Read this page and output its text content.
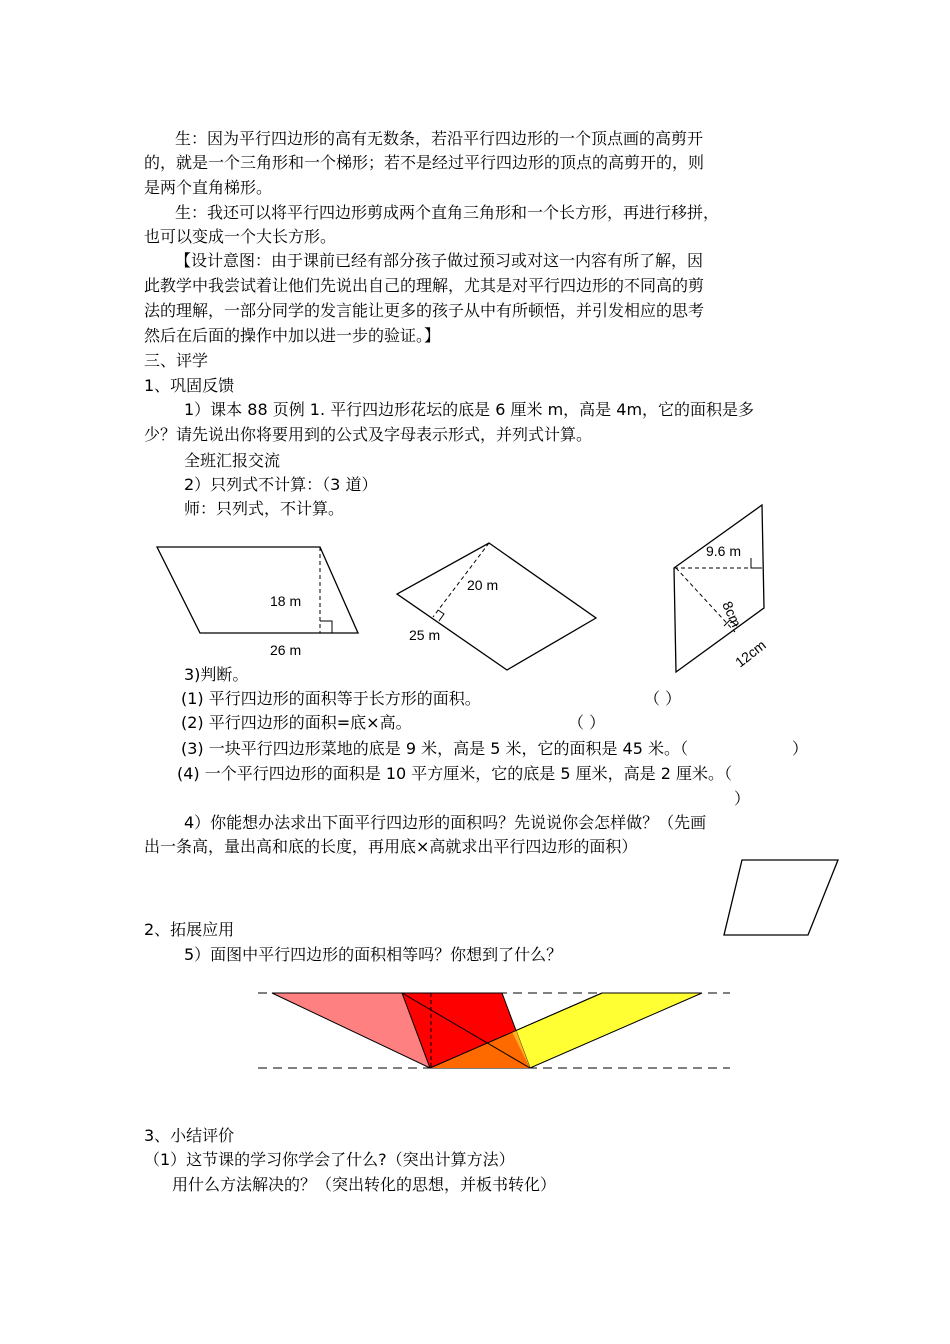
生：因为平行四边形的高有无数条，若沿平行四边形的一个顶点画的高剪开
的，就是一个三角形和一个梯形；若不是经过平行四边形的顶点的高剪开的，则
是两个直角梯形。
生：我还可以将平行四边形剪成两个直角三角形和一个长方形，再进行移拼，
也可以变成一个大长方形。
【设计意图：由于课前已经有部分孩子做过预习或对这一内容有所了解，因
此教学中我尝试着让他们先说出自己的理解，尤其是对平行四边形的不同高的剪
法的理解，一部分同学的发言能让更多的孩子从中有所顿悟，并引发相应的思考
然后在后面的操作中加以进一步的验证。】
三、评学
1、巩固反馈
1）课本 88 页例 1. 平行四边形花坛的底是 6 厘米 m，高是 4m，它的面积是多
少？请先说出你将要用到的公式及字母表示形式，并列式计算。
全班汇报交流
2）只列式不计算：（3 道）
师：只列式，不计算。
18 m
26 m
20 m
25 m
9.6 m
8cm
12cm
3)判断。
(1) 平行四边形的面积等于长方形的面积。	（ ）
(2) 平行四边形的面积=底×高。	（ ）
(3) 一块平行四边形菜地的底是 9 米，高是 5 米，它的面积是 45 米。（	）
(4) 一个平行四边形的面积是 10 平方厘米，它的底是 5 厘米，高是 2 厘米。（
）
4）你能想办法求出下面平行四边形的面积吗？先说说你会怎样做？（先画
出一条高，量出高和底的长度，再用底×高就求出平行四边形的面积）
2、拓展应用
5）面图中平行四边形的面积相等吗？你想到了什么？
3、小结评价
（1）这节课的学习你学会了什么?（突出计算方法）
用什么方法解决的？（突出转化的思想，并板书转化）
